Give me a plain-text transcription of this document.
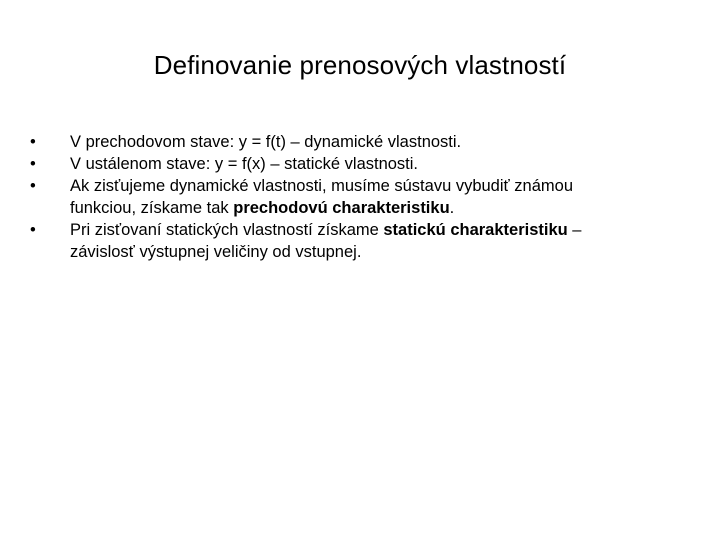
Definovanie prenosových vlastností
•	V prechodovom stave: y = f(t) – dynamické vlastnosti.
•	V ustálenom stave: y = f(x) – statické vlastnosti.
•	Ak zisťujeme dynamické vlastnosti, musíme sústavu vybudiť známou funkciou, získame tak prechodovú charakteristiku.
•	Pri zisťovaní statických vlastností získame statickú charakteristiku – závislosť výstupnej veličiny od vstupnej.
